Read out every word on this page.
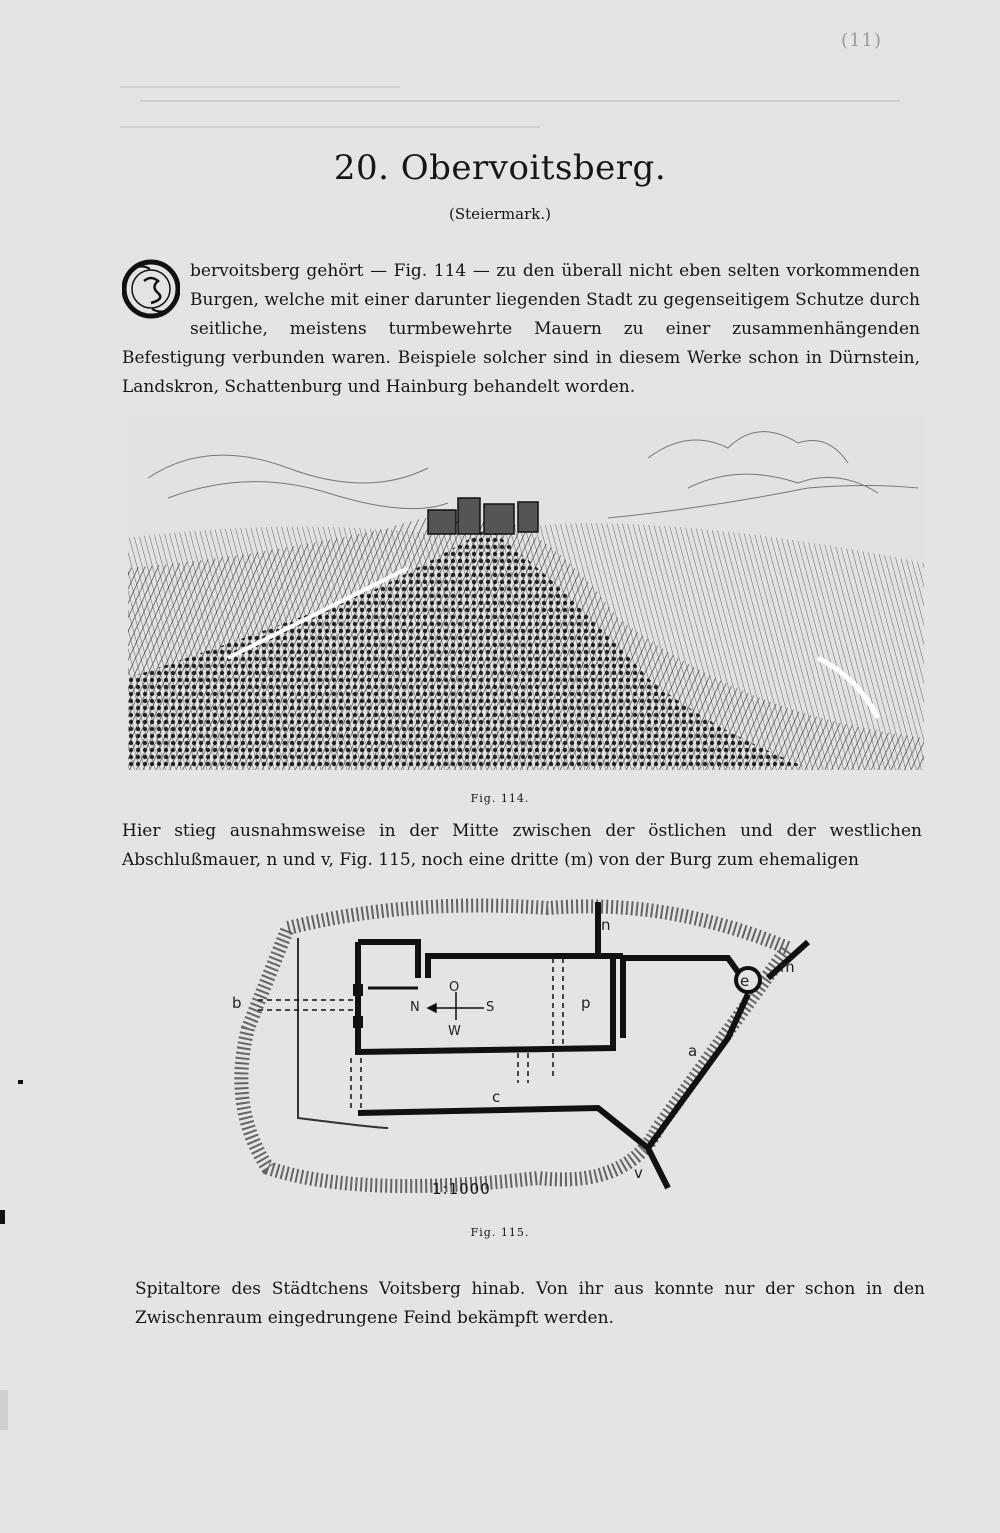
(11)
20. Obervoitsberg.
(Steiermark.)

bervoitsberg gehört — Fig. 114 — zu den überall nicht eben selten vorkommenden Burgen, welche mit einer darunter liegenden Stadt zu gegenseitigem Schutze durch seitliche, meistens turmbewehrte Mauern zu einer zusammenhängenden Befestigung verbunden waren. Beispiele solcher sind in diesem Werke schon in Dürnstein, Landskron, Schattenburg und Hainburg behandelt worden.

Fig. 114.

Hier stieg ausnahmsweise in der Mitte zwischen der östlichen und der westlichen Abschlußmauer, n und v, Fig. 115, noch eine dritte (m) von der Burg zum ehemaligen

b
n
m
e
p
a
c
v
O
N	S
W
1:1000
Fig. 115.

Spitaltore des Städtchens Voitsberg hinab. Von ihr aus konnte nur der schon in den Zwischenraum eingedrungene Feind bekämpft werden.
